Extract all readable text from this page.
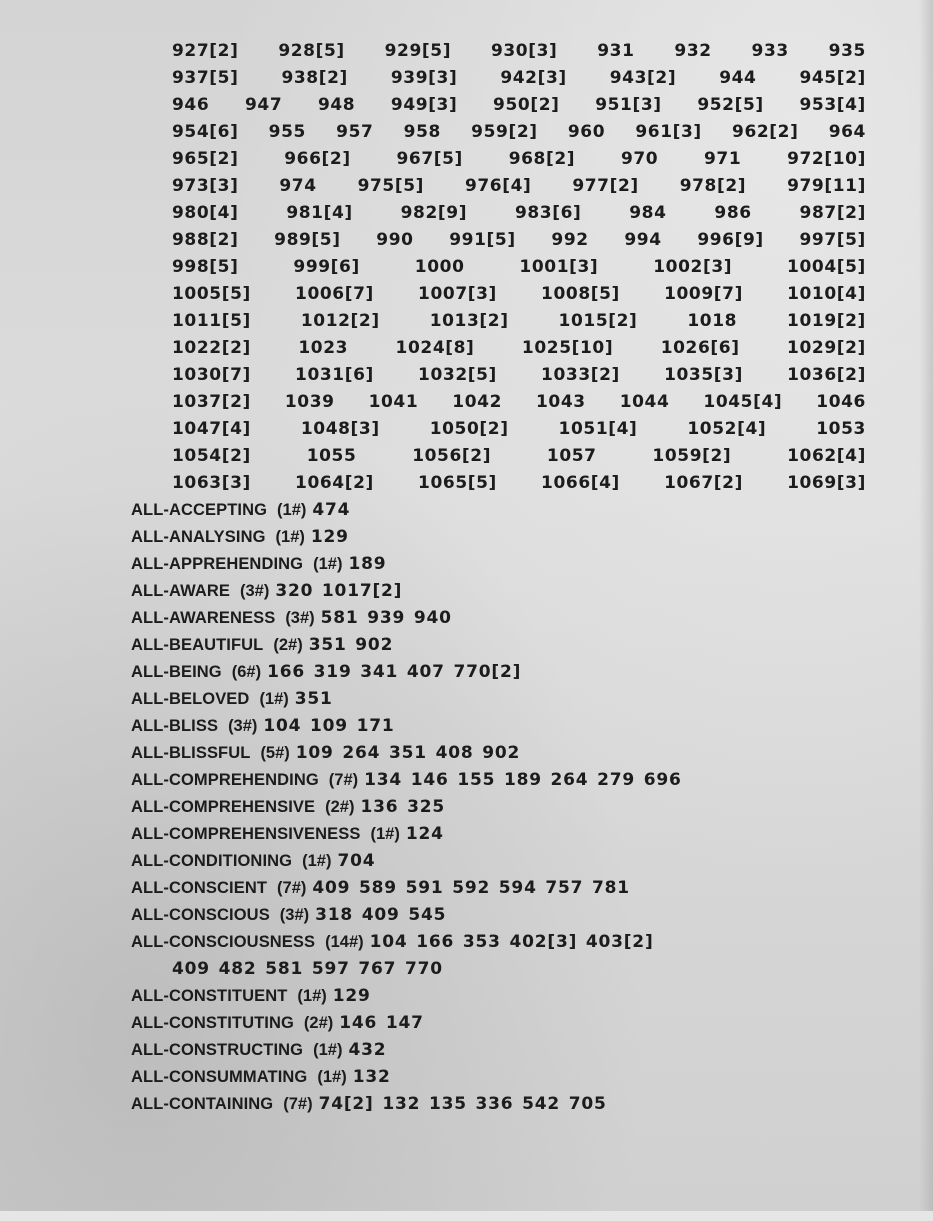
927[2] 928[5] 929[5] 930[3] 931 932 933 935
937[5]	938[2]	939[3]	942[3]	943[2]	944	945[2]
946 947 948 949[3] 950[2] 951[3] 952[5] 953[4]
954[6] 955 957 958 959[2] 960 961[3] 962[2] 964
965[2]	966[2]	967[5]	968[2]	970	971	972[10]
973[3] 974 975[5] 976[4] 977[2] 978[2] 979[11]
980[4]	981[4]	982[9]	983[6]	984	986	987[2]
988[2] 989[5] 990 991[5] 992 994 996[9] 997[5]
998[5]	999[6]	1000	1001[3]	1002[3]	1004[5]
1005[5]	1006[7]	1007[3]	1008[5]	1009[7]	1010[4]
1011[5]	1012[2]	1013[2]	1015[2]	1018	1019[2]
1022[2]	1023	1024[8]	1025[10]	1026[6]	1029[2]
1030[7]	1031[6]	1032[5]	1033[2]	1035[3]	1036[2]
1037[2] 1039 1041 1042 1043 1044 1045[4] 1046
1047[4]	1048[3]	1050[2]	1051[4]	1052[4]	1053
1054[2]	1055	1056[2]	1057	1059[2]	1062[4]
1063[3]	1064[2]	1065[5]	1066[4]	1067[2]	1069[3]
ALL-ACCEPTING (1#) 474
ALL-ANALYSING (1#) 129
ALL-APPREHENDING (1#) 189
ALL-AWARE (3#) 320 1017[2]
ALL-AWARENESS (3#) 581 939 940
ALL-BEAUTIFUL (2#) 351 902
ALL-BEING (6#) 166 319 341 407 770[2]
ALL-BELOVED (1#) 351
ALL-BLISS (3#) 104 109 171
ALL-BLISSFUL (5#) 109 264 351 408 902
ALL-COMPREHENDING (7#) 134 146 155 189 264 279 696
ALL-COMPREHENSIVE (2#) 136 325
ALL-COMPREHENSIVENESS (1#) 124
ALL-CONDITIONING (1#) 704
ALL-CONSCIENT (7#) 409 589 591 592 594 757 781
ALL-CONSCIOUS (3#) 318 409 545
ALL-CONSCIOUSNESS (14#) 104 166 353 402[3] 403[2]
409 482 581 597 767 770
ALL-CONSTITUENT (1#) 129
ALL-CONSTITUTING (2#) 146 147
ALL-CONSTRUCTING (1#) 432
ALL-CONSUMMATING (1#) 132
ALL-CONTAINING (7#) 74[2] 132 135 336 542 705
